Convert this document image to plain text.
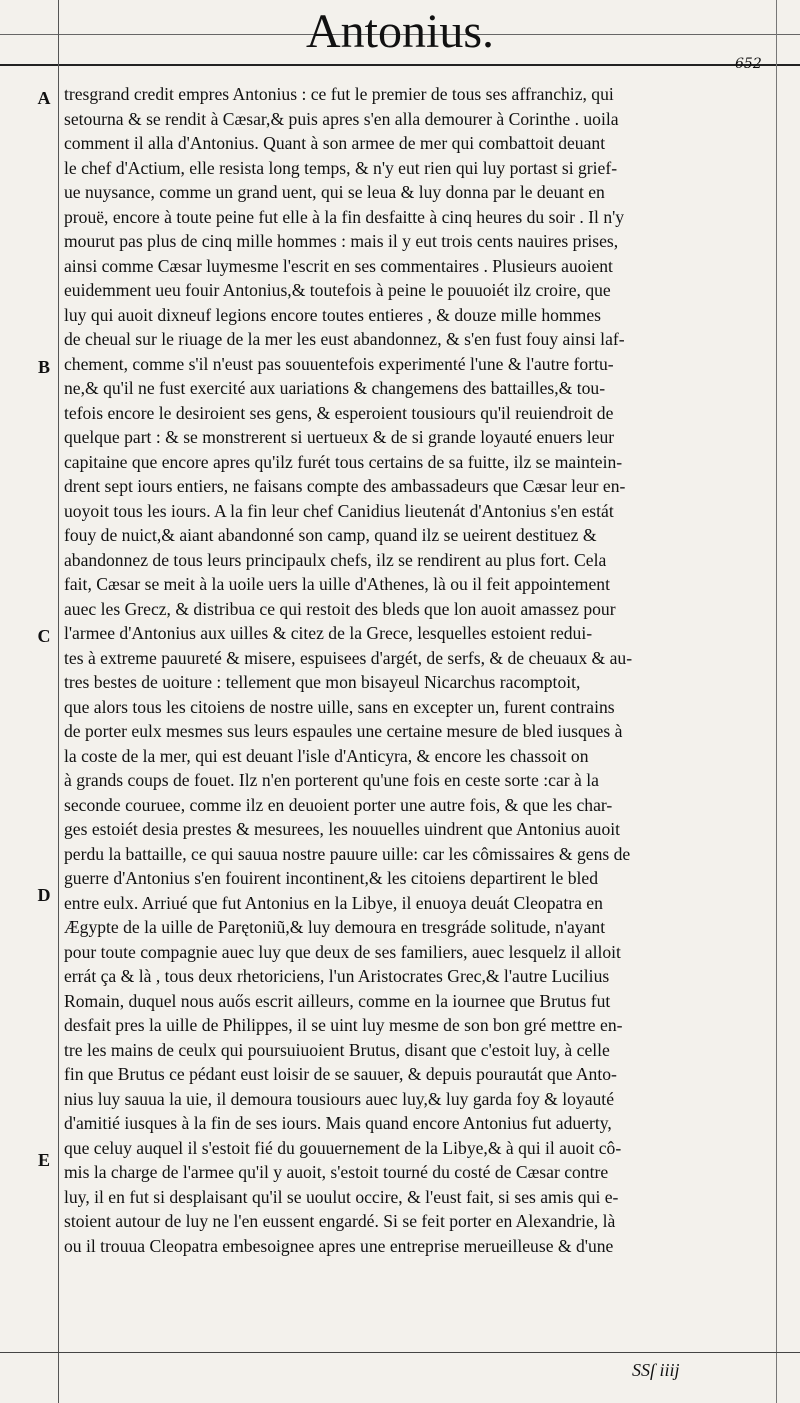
Antonius.
652
A
B
C
D
E
tresgrand credit empres Antonius : ce fut le premier de tous ses affranchiz, qui
setourna & se rendit à Cæsar,& puis apres s'en alla demourer à Corinthe . uoila
comment il alla d'Antonius. Quant à son armee de mer qui combattoit deuant
le chef d'Actium, elle resista long temps, & n'y eut rien qui luy portast si grief-
ue nuysance, comme un grand uent, qui se leua & luy donna par le deuant en
prouë, encore à toute peine fut elle à la fin desfaitte à cinq heures du soir . Il n'y
mourut pas plus de cinq mille hommes : mais il y eut trois cents nauires prises,
ainsi comme Cæsar luymesme l'escrit en ses commentaires . Plusieurs auoient
euidemment ueu fouir Antonius,& toutefois à peine le pouuoiét ilz croire, que
luy qui auoit dixneuf legions encore toutes entieres , & douze mille hommes
de cheual sur le riuage de la mer les eust abandonnez, & s'en fust fouy ainsi laf-
chement, comme s'il n'eust pas souuentefois experimenté l'une & l'autre fortu-
ne,& qu'il ne fust exercité aux uariations & changemens des battailles,& tou-
tefois encore le desiroient ses gens, & esperoient tousiours qu'il reuiendroit de
quelque part : & se monstrerent si uertueux & de si grande loyauté enuers leur
capitaine que encore apres qu'ilz furét tous certains de sa fuitte, ilz se maintein-
drent sept iours entiers, ne faisans compte des ambassadeurs que Cæsar leur en-
uoyoit tous les iours. A la fin leur chef Canidius lieutenát d'Antonius s'en estát
fouy de nuict,& aiant abandonné son camp, quand ilz se ueirent destituez &
abandonnez de tous leurs principaulx chefs, ilz se rendirent au plus fort. Cela
fait, Cæsar se meit à la uoile uers la uille d'Athenes, là ou il feit appointement
auec les Grecz, & distribua ce qui restoit des bleds que lon auoit amassez pour
l'armee d'Antonius aux uilles & citez de la Grece, lesquelles estoient redui-
tes à extreme pauureté & misere, espuisees d'argét, de serfs, & de cheuaux & au-
tres bestes de uoiture : tellement que mon bisayeul Nicarchus racomptoit,
que alors tous les citoiens de nostre uille, sans en excepter un, furent contrains
de porter eulx mesmes sus leurs espaules une certaine mesure de bled iusques à
la coste de la mer, qui est deuant l'isle d'Anticyra, & encore les chassoit on
à grands coups de fouet. Ilz n'en porterent qu'une fois en ceste sorte :car à la
seconde couruee, comme ilz en deuoient porter une autre fois, & que les char-
ges estoiét desia prestes & mesurees, les nouuelles uindrent que Antonius auoit
perdu la battaille, ce qui sauua nostre pauure uille: car les cômissaires & gens de
guerre d'Antonius s'en fouirent incontinent,& les citoiens departirent le bled
entre eulx. Arriué que fut Antonius en la Libye, il enuoya deuát Cleopatra en
Ægypte de la uille de Parętoniũ,& luy demoura en tresgráde solitude, n'ayant
pour toute compagnie auec luy que deux de ses familiers, auec lesquelz il alloit
errát ça & là , tous deux rhetoriciens, l'un Aristocrates Grec,& l'autre Lucilius
Romain, duquel nous auős escrit ailleurs, comme en la iournee que Brutus fut
desfait pres la uille de Philippes, il se uint luy mesme de son bon gré mettre en-
tre les mains de ceulx qui poursuiuoient Brutus, disant que c'estoit luy, à celle
fin que Brutus ce pédant eust loisir de se sauuer, & depuis pourautát que Anto-
nius luy sauua la uie, il demoura tousiours auec luy,& luy garda foy & loyauté
d'amitié iusques à la fin de ses iours. Mais quand encore Antonius fut aduerty,
que celuy auquel il s'estoit fié du gouuernement de la Libye,& à qui il auoit cô-
mis la charge de l'armee qu'il y auoit, s'estoit tourné du costé de Cæsar contre
luy, il en fut si desplaisant qu'il se uoulut occire, & l'eust fait, si ses amis qui e-
stoient autour de luy ne l'en eussent engardé. Si se feit porter en Alexandrie, là
ou il trouua Cleopatra embesoignee apres une entreprise merueilleuse & d'une
SSſ iiij
